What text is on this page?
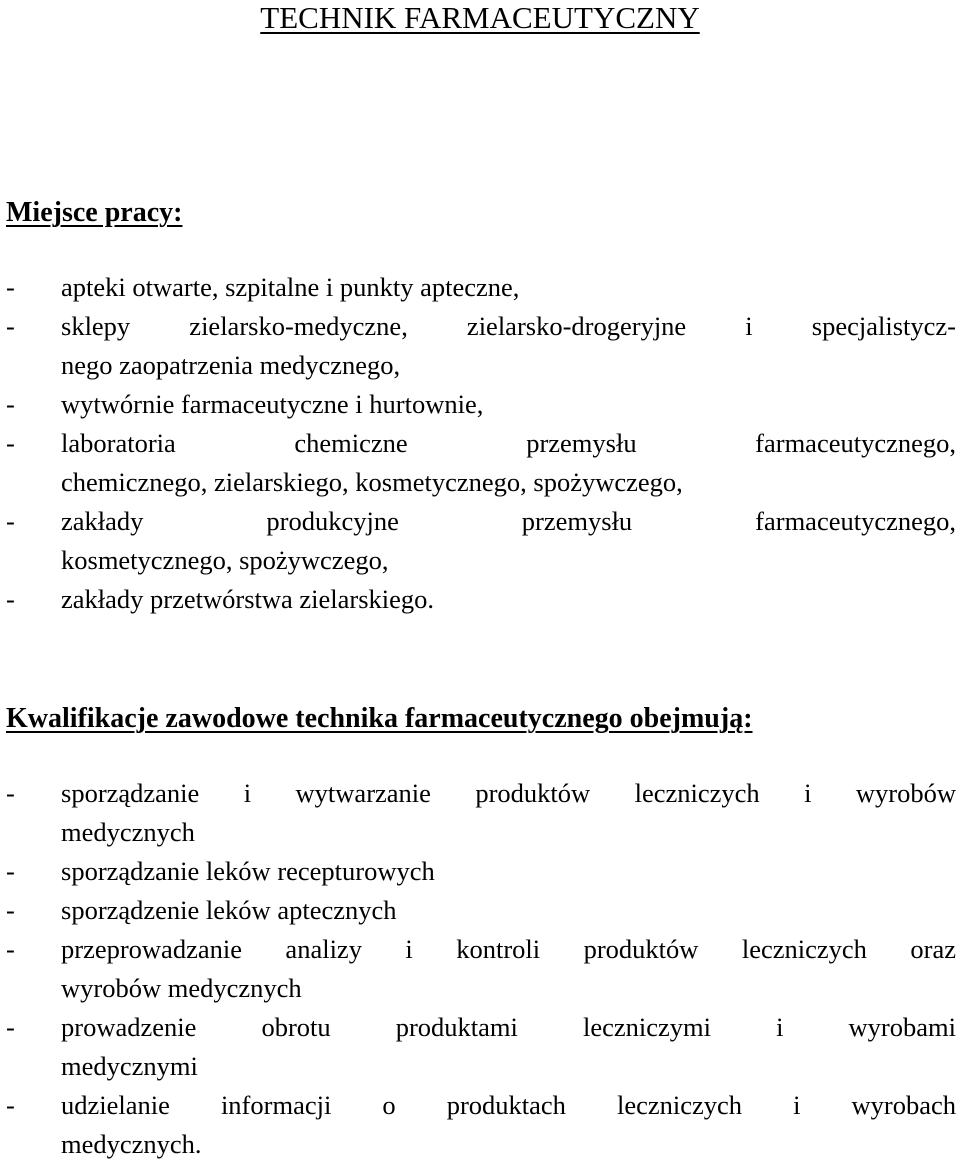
TECHNIK FARMACEUTYCZNY
Miejsce pracy:
-	apteki otwarte, szpitalne i punkty apteczne,
-	sklepy zielarsko-medyczne, zielarsko-drogeryjne i specjalistycz-
nego zaopatrzenia medycznego,
-	wytwórnie farmaceutyczne i hurtownie,
-	laboratoria chemiczne przemysłu farmaceutycznego,
chemicznego, zielarskiego, kosmetycznego, spożywczego,
-	zakłady produkcyjne przemysłu farmaceutycznego,
kosmetycznego, spożywczego,
-	zakłady przetwórstwa zielarskiego.
Kwalifikacje zawodowe technika farmaceutycznego obejmują:
-	sporządzanie i wytwarzanie produktów leczniczych i wyrobów
medycznych
-	sporządzanie leków recepturowych
-	sporządzenie leków aptecznych
-	przeprowadzanie analizy i kontroli produktów leczniczych oraz
wyrobów medycznych
-	prowadzenie obrotu produktami leczniczymi i wyrobami
medycznymi
-	udzielanie informacji o produktach leczniczych i wyrobach
medycznych.
